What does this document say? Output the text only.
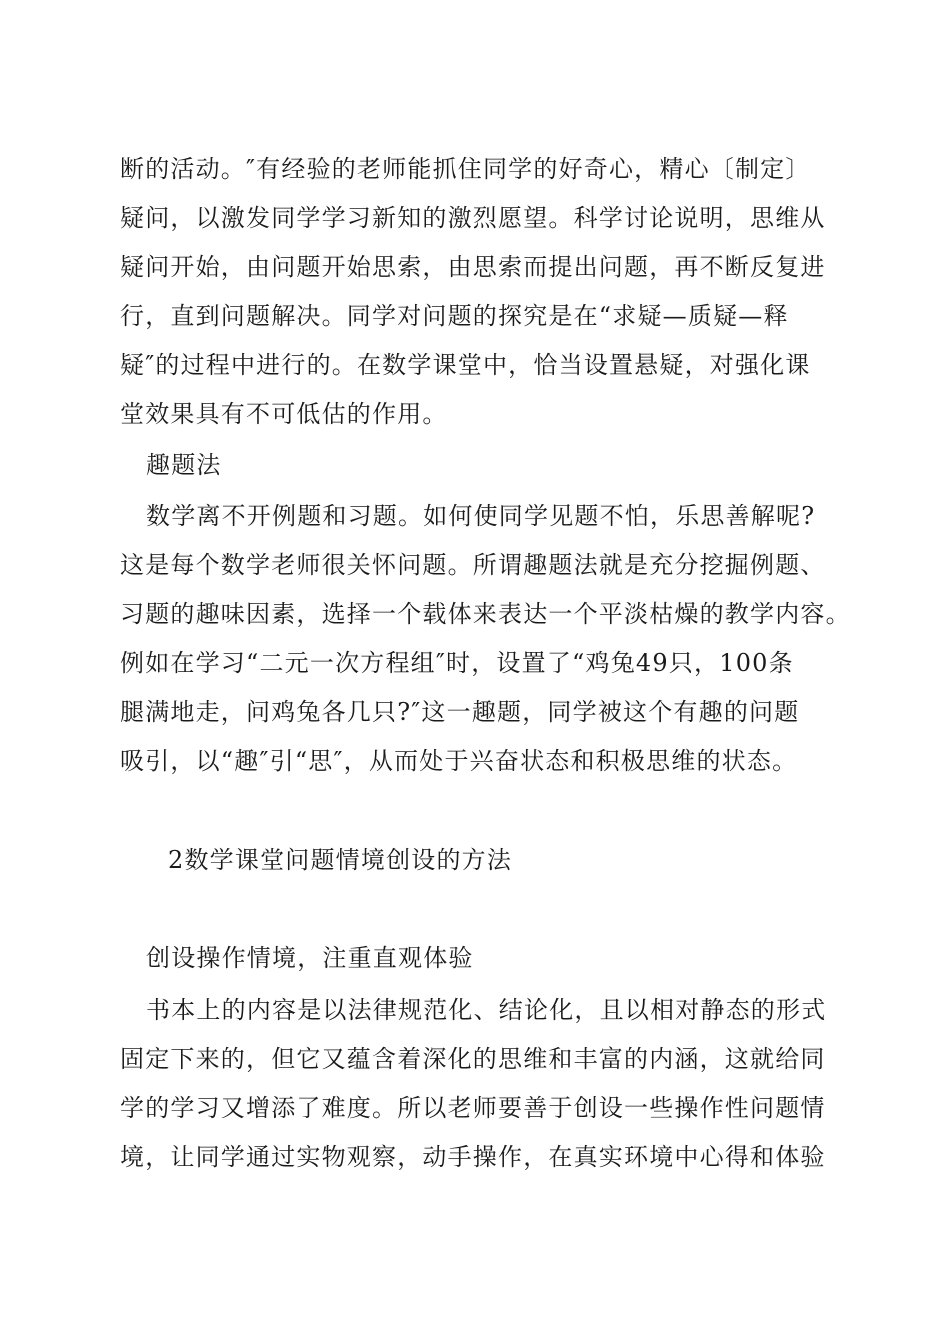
断的活动。″有经验的老师能抓住同学的好奇心，精心〔制定〕

疑问，以激发同学学习新知的激烈愿望。科学讨论说明，思维从

疑问开始，由问题开始思索，由思索而提出问题，再不断反复进

行，直到问题解决。同学对问题的探究是在“求疑—质疑—释

疑″的过程中进行的。在数学课堂中，恰当设置悬疑，对强化课

堂效果具有不可低估的作用。

趣题法

数学离不开例题和习题。如何使同学见题不怕，乐思善解呢?

这是每个数学老师很关怀问题。所谓趣题法就是充分挖掘例题、

习题的趣味因素，选择一个载体来表达一个平淡枯燥的教学内容。

例如在学习“二元一次方程组″时，设置了“鸡兔49只，100条

腿满地走，问鸡兔各几只?″这一趣题，同学被这个有趣的问题

吸引，以“趣″引“思″，从而处于兴奋状态和积极思维的状态。

2数学课堂问题情境创设的方法

创设操作情境，注重直观体验

书本上的内容是以法律规范化、结论化，且以相对静态的形式

固定下来的，但它又蕴含着深化的思维和丰富的内涵，这就给同

学的学习又增添了难度。所以老师要善于创设一些操作性问题情

境，让同学通过实物观察，动手操作，在真实环境中心得和体验
